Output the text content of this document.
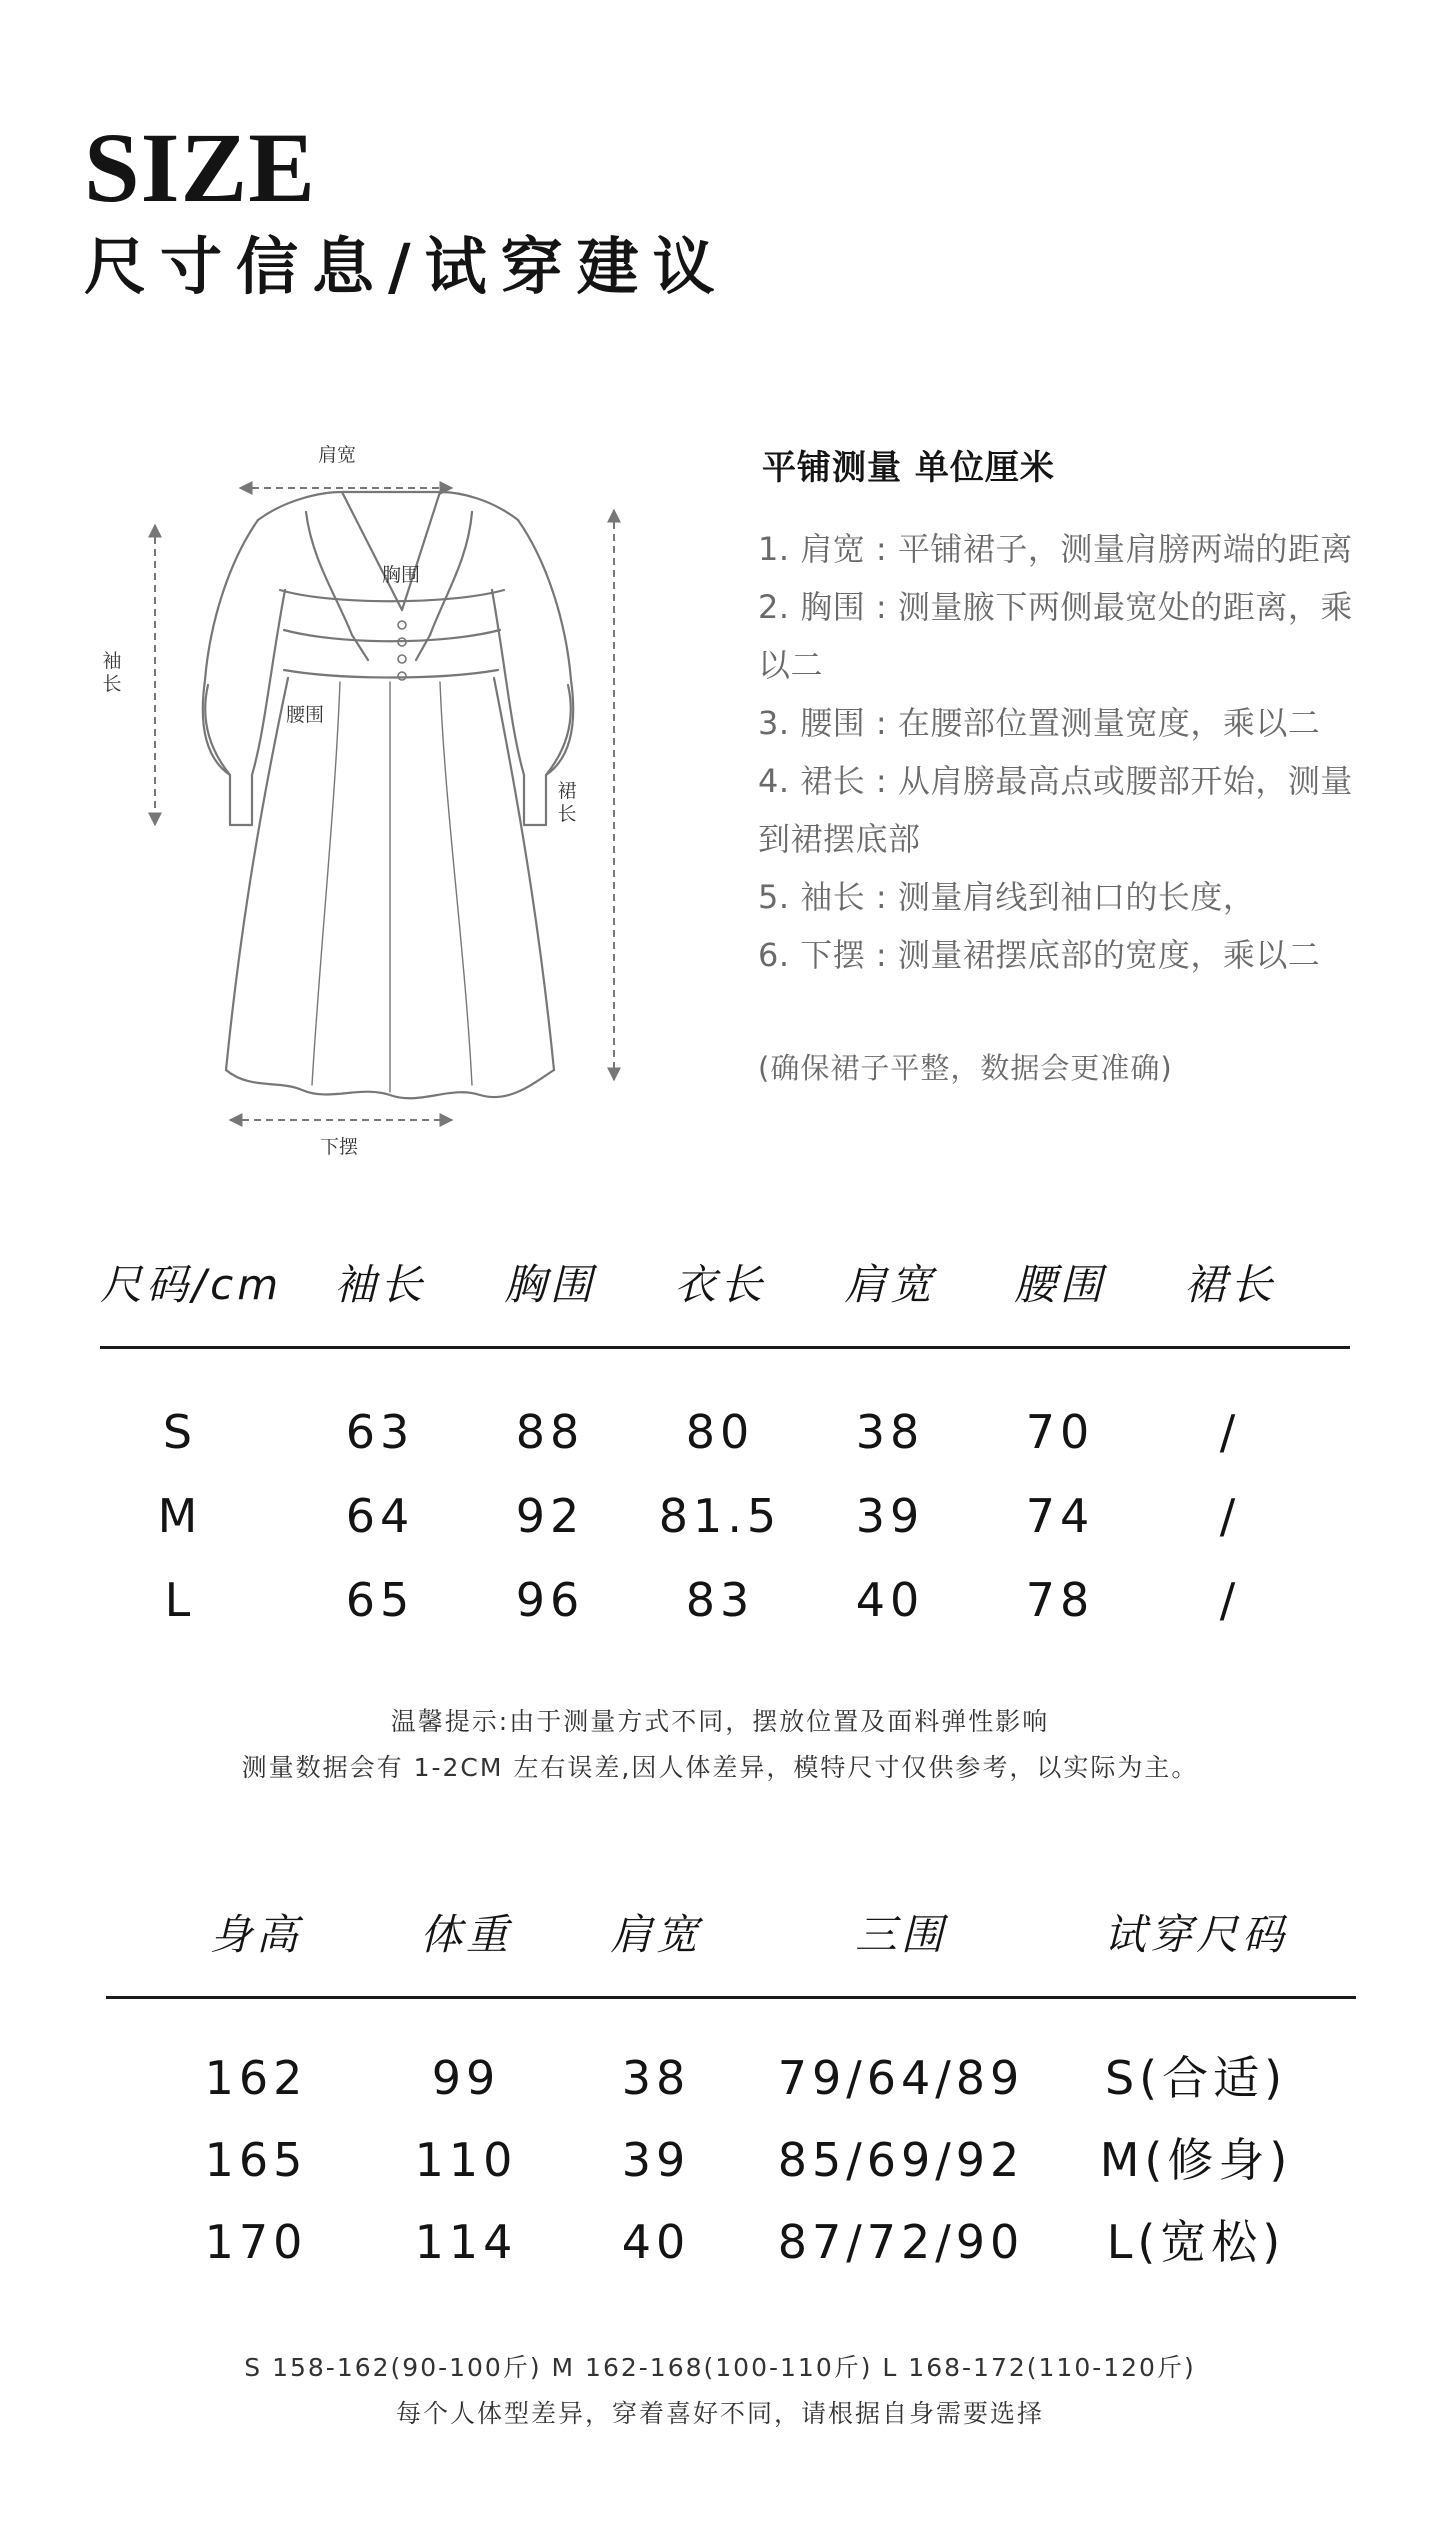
SIZE
尺寸信息/试穿建议
肩宽
胸围
腰围
袖长
裙长
下摆
平铺测量 单位厘米
1. 肩宽 : 平铺裙子，测量肩膀两端的距离
2. 胸围 : 测量腋下两侧最宽处的距离，乘以二
3. 腰围 : 在腰部位置测量宽度，乘以二
4. 裙长 : 从肩膀最高点或腰部开始，测量到裙摆底部
5. 袖长 : 测量肩线到袖口的长度，
6. 下摆 : 测量裙摆底部的宽度，乘以二
(确保裙子平整，数据会更准确)
尺码/cm	袖长	胸围	衣长	肩宽	腰围	裙长
S	63	88	80	38	70	/
M	64	92	81.5	39	74	/
L	65	96	83	40	78	/
温馨提示:由于测量方式不同，摆放位置及面料弹性影响
测量数据会有 1-2CM 左右误差,因人体差异，模特尺寸仅供参考，以实际为主。
身高	体重	肩宽	三围	试穿尺码
162	99	38	79/64/89	S(合适)
165	110	39	85/69/92	M(修身)
170	114	40	87/72/90	L(宽松)
S 158-162(90-100斤) M 162-168(100-110斤) L 168-172(110-120斤)
每个人体型差异，穿着喜好不同，请根据自身需要选择
